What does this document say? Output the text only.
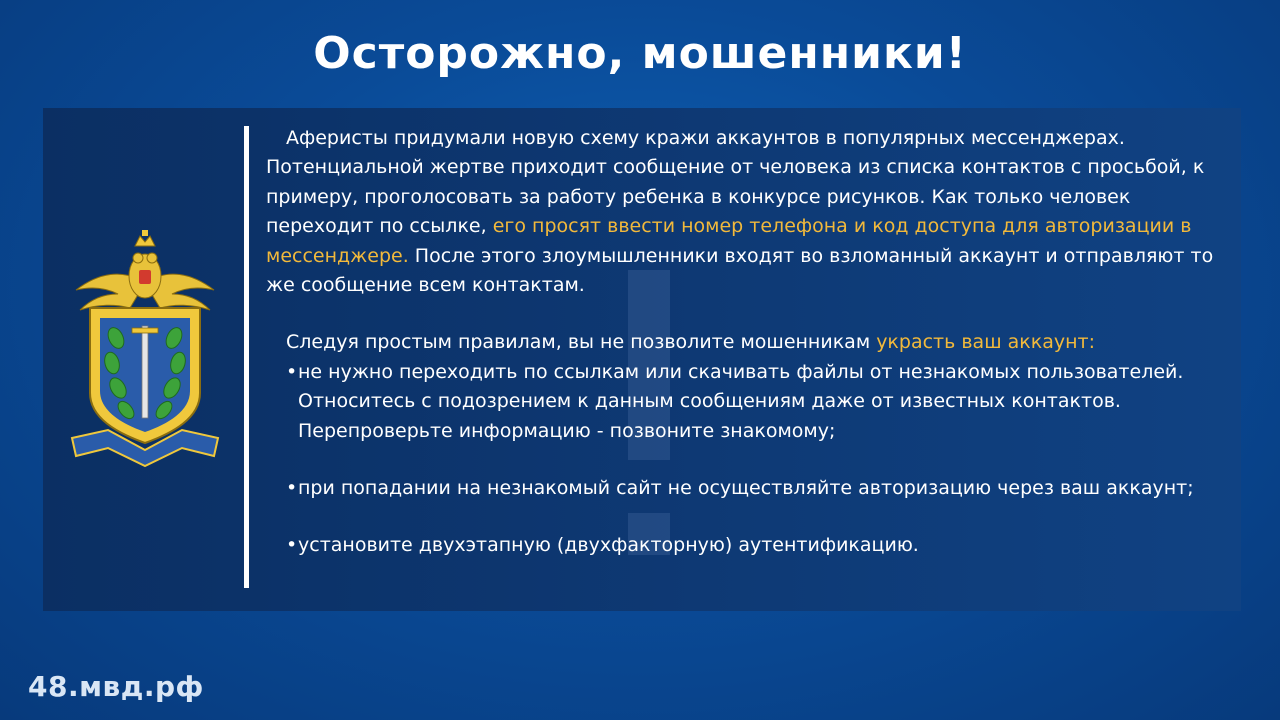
Осторожно, мошенники!

Аферисты придумали новую схему кражи аккаунтов в популярных мессенджерах. Потенциальной жертве приходит сообщение от человека из списка контактов с просьбой, к примеру, проголосовать за работу ребенка в конкурсе рисунков. Как только человек переходит по ссылке, его просят ввести номер телефона и код доступа для авторизации в мессенджере. После этого злоумышленники входят во взломанный аккаунт и отправляют то же сообщение всем контактам.

Следуя простым правилам, вы не позволите мошенникам украсть ваш аккаунт:

• не нужно переходить по ссылкам или скачивать файлы от незнакомых пользователей. Относитесь с подозрением к данным сообщениям даже от известных контактов. Перепроверьте информацию - позвоните знакомому;

• при попадании на незнакомый сайт не осуществляйте авторизацию через ваш аккаунт;

• установите двухэтапную (двухфакторную) аутентификацию.

48.мвд.рф
